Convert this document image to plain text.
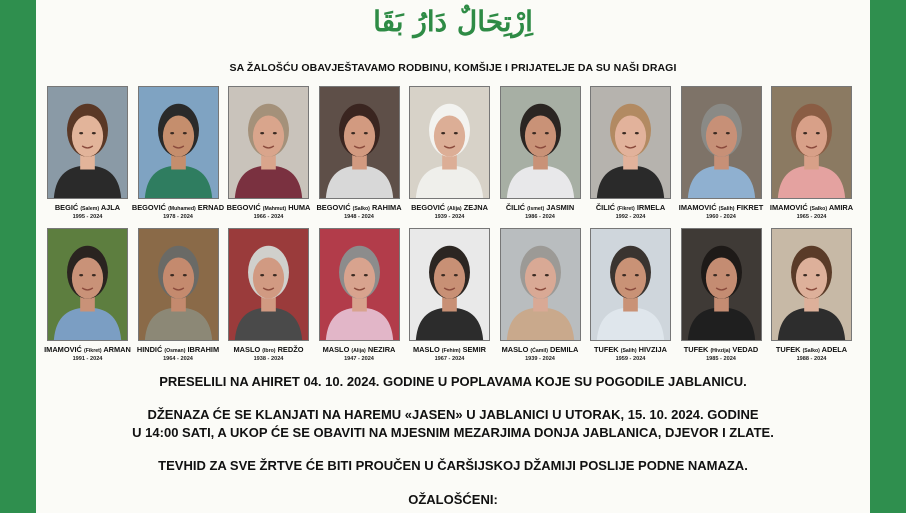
اِرْتِحَالٌ دَارُ بَقَا
SA ŽALOŠĆU OBAVJEŠTAVAMO RODBINU, KOMŠIJE I PRIJATELJE DA SU NAŠI DRAGI
BEGIĆ (Salem) AJLA
1995 - 2024
BEGOVIĆ (Muhamed) ERNAD
1978 - 2024
BEGOVIĆ (Mahmut) HUMA
1966 - 2024
BEGOVIĆ (Salko) RAHIMA
1948 - 2024
BEGOVIĆ (Alija) ZEJNA
1939 - 2024
ČILIĆ (Ismet) JASMIN
1986 - 2024
ČILIĆ (Fikret) IRMELA
1992 - 2024
IMAMOVIĆ (Salih) FIKRET
1960 - 2024
IMAMOVIĆ (Salko) AMIRA
1965 - 2024
IMAMOVIĆ (Fikret) ARMAN
1991 - 2024
HINDIĆ (Osman) IBRAHIM
1964 - 2024
MASLO (Ibro) REDŽO
1938 - 2024
MASLO (Alija) NEZIRA
1947 - 2024
MASLO (Fehim) SEMIR
1967 - 2024
MASLO (Ćamil) DEMILA
1939 - 2024
TUFEK (Salih) HIVZIJA
1959 - 2024
TUFEK (Hivzija) VEDAD
1985 - 2024
TUFEK (Salko) ADELA
1988 - 2024
PRESELILI NA AHIRET 04. 10. 2024. GODINE U POPLAVAMA KOJE SU POGODILE JABLANICU.
DŽENAZA ĆE SE KLANJATI NA HAREMU «JASEN» U JABLANICI U UTORAK, 15. 10. 2024. GODINE
U 14:00 SATI, A UKOP ĆE SE OBAVITI NA MJESNIM MEZARJIMA DONJA JABLANICA, DJEVOR I ZLATE.
TEVHID ZA SVE ŽRTVE ĆE BITI PROUČEN U ČARŠIJSKOJ DŽAMIJI POSLIJE PODNE NAMAZA.
OŽALOŠĆENI:
